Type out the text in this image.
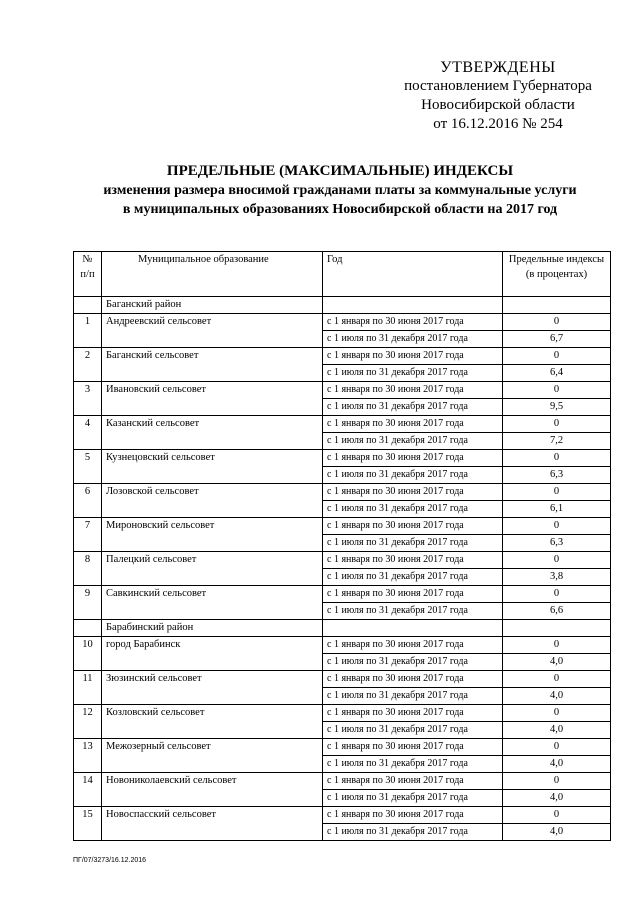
УТВЕРЖДЕНЫ
постановлением Губернатора
Новосибирской области
от 16.12.2016 № 254
ПРЕДЕЛЬНЫЕ (МАКСИМАЛЬНЫЕ) ИНДЕКСЫ
изменения размера вносимой гражданами платы за коммунальные услуги
в муниципальных образованиях Новосибирской области на 2017 год
№ п/п	Муниципальное образование	Год	Предельные индексы (в процентах)
	Баганский район		
1	Андреевский сельсовет	с 1 января по 30 июня 2017 года	0
		с 1 июля по 31 декабря 2017 года	6,7
2	Баганский сельсовет	с 1 января по 30 июня 2017 года	0
		с 1 июля по 31 декабря 2017 года	6,4
3	Ивановский сельсовет	с 1 января по 30 июня 2017 года	0
		с 1 июля по 31 декабря 2017 года	9,5
4	Казанский сельсовет	с 1 января по 30 июня 2017 года	0
		с 1 июля по 31 декабря 2017 года	7,2
5	Кузнецовский сельсовет	с 1 января по 30 июня 2017 года	0
		с 1 июля по 31 декабря 2017 года	6,3
6	Лозовской сельсовет	с 1 января по 30 июня 2017 года	0
		с 1 июля по 31 декабря 2017 года	6,1
7	Мироновский сельсовет	с 1 января по 30 июня 2017 года	0
		с 1 июля по 31 декабря 2017 года	6,3
8	Палецкий сельсовет	с 1 января по 30 июня 2017 года	0
		с 1 июля по 31 декабря 2017 года	3,8
9	Савкинский сельсовет	с 1 января по 30 июня 2017 года	0
		с 1 июля по 31 декабря 2017 года	6,6
	Барабинский район		
10	город Барабинск	с 1 января по 30 июня 2017 года	0
		с 1 июля по 31 декабря 2017 года	4,0
11	Зюзинский сельсовет	с 1 января по 30 июня 2017 года	0
		с 1 июля по 31 декабря 2017 года	4,0
12	Козловский сельсовет	с 1 января по 30 июня 2017 года	0
		с 1 июля по 31 декабря 2017 года	4,0
13	Межозерный сельсовет	с 1 января по 30 июня 2017 года	0
		с 1 июля по 31 декабря 2017 года	4,0
14	Новониколаевский сельсовет	с 1 января по 30 июня 2017 года	0
		с 1 июля по 31 декабря 2017 года	4,0
15	Новоспасский сельсовет	с 1 января по 30 июня 2017 года	0
		с 1 июля по 31 декабря 2017 года	4,0
ПГ/07/3273/16.12.2016
